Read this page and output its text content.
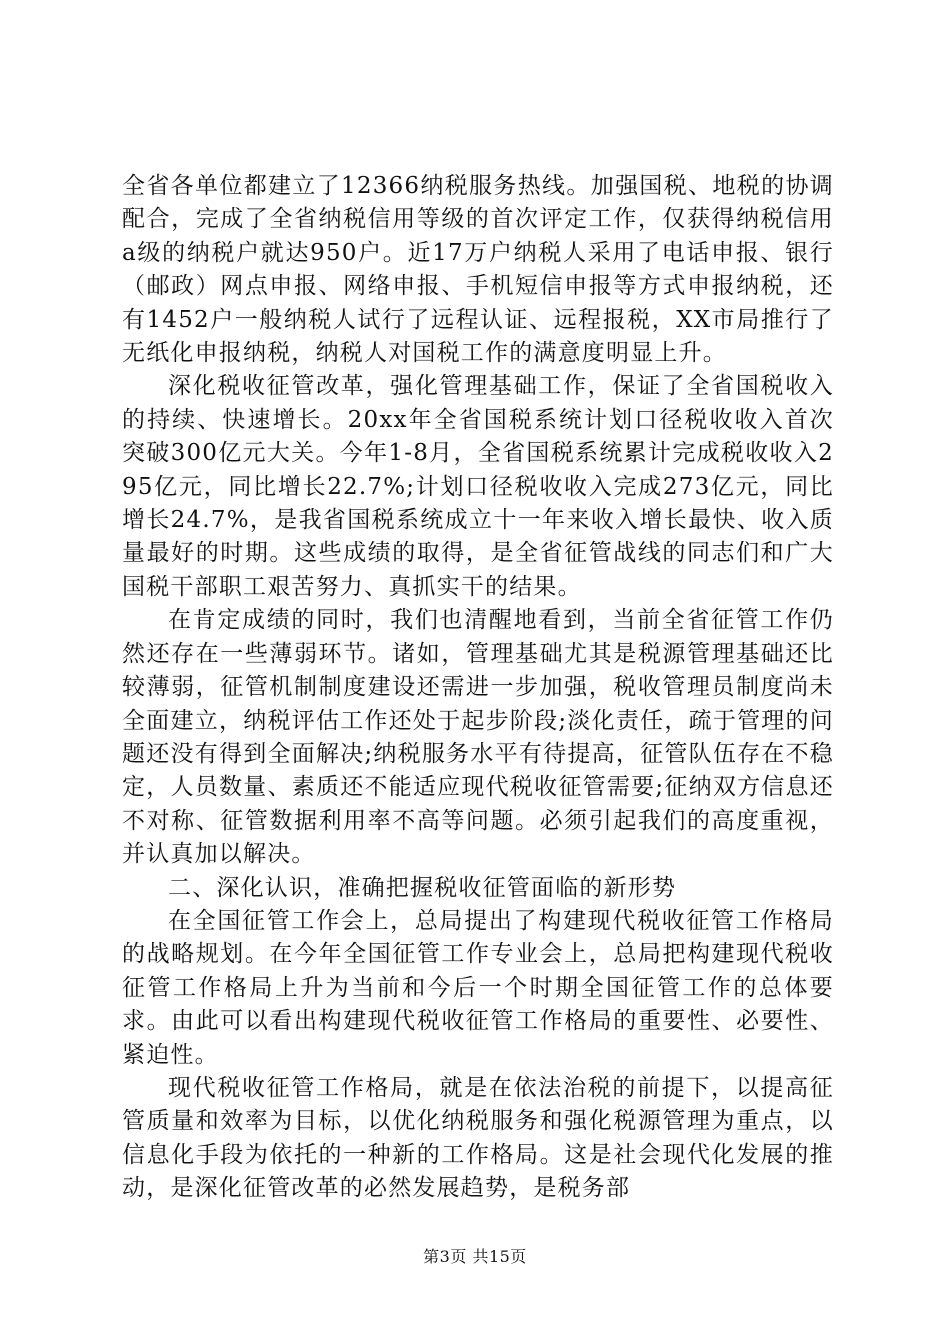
全省各单位都建立了12366纳税服务热线。加强国税、地税的协调配合，完成了全省纳税信用等级的首次评定工作，仅获得纳税信用a级的纳税户就达950户。近17万户纳税人采用了电话申报、银行（邮政）网点申报、网络申报、手机短信申报等方式申报纳税，还有1452户一般纳税人试行了远程认证、远程报税，XX市局推行了无纸化申报纳税，纳税人对国税工作的满意度明显上升。

深化税收征管改革，强化管理基础工作，保证了全省国税收入的持续、快速增长。20xx年全省国税系统计划口径税收收入首次突破300亿元大关。今年1-8月，全省国税系统累计完成税收收入295亿元，同比增长22.7%;计划口径税收收入完成273亿元，同比增长24.7%，是我省国税系统成立十一年来收入增长最快、收入质量最好的时期。这些成绩的取得，是全省征管战线的同志们和广大国税干部职工艰苦努力、真抓实干的结果。

在肯定成绩的同时，我们也清醒地看到，当前全省征管工作仍然还存在一些薄弱环节。诸如，管理基础尤其是税源管理基础还比较薄弱，征管机制制度建设还需进一步加强，税收管理员制度尚未全面建立，纳税评估工作还处于起步阶段;淡化责任，疏于管理的问题还没有得到全面解决;纳税服务水平有待提高，征管队伍存在不稳定，人员数量、素质还不能适应现代税收征管需要;征纳双方信息还不对称、征管数据利用率不高等问题。必须引起我们的高度重视，并认真加以解决。

二、深化认识，准确把握税收征管面临的新形势

在全国征管工作会上，总局提出了构建现代税收征管工作格局的战略规划。在今年全国征管工作专业会上，总局把构建现代税收征管工作格局上升为当前和今后一个时期全国征管工作的总体要求。由此可以看出构建现代税收征管工作格局的重要性、必要性、紧迫性。

现代税收征管工作格局，就是在依法治税的前提下，以提高征管质量和效率为目标，以优化纳税服务和强化税源管理为重点，以信息化手段为依托的一种新的工作格局。这是社会现代化发展的推动，是深化征管改革的必然发展趋势，是税务部

第3页 共15页
